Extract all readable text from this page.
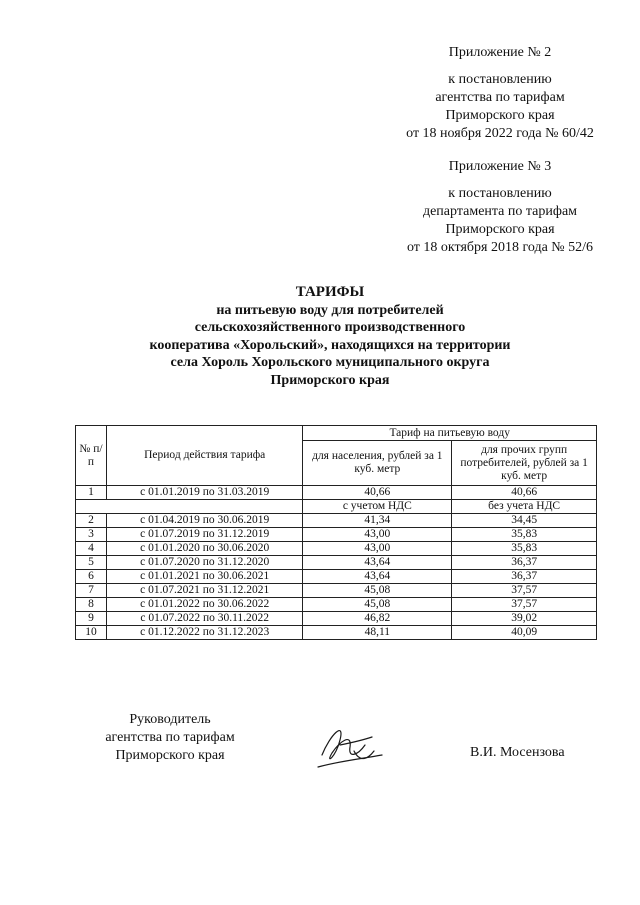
Приложение № 2
к постановлению
агентства по тарифам
Приморского края
от 18 ноября 2022 года № 60/42
Приложение № 3
к постановлению
департамента по тарифам
Приморского края
от 18 октября 2018 года № 52/6
ТАРИФЫ
на питьевую воду для потребителей
сельскохозяйственного производственного
кооператива «Хорольский», находящихся на территории
села Хороль Хорольского муниципального округа
Приморского края
№ п/п	Период действия тарифа	Тариф на питьевую воду	
		для населения, рублей за 1 куб. метр	для прочих групп потребителей, рублей за 1 куб. метр
1	с 01.01.2019 по 31.03.2019	40,66	40,66
		с учетом НДС	без учета НДС
2	с 01.04.2019 по 30.06.2019	41,34	34,45
3	с 01.07.2019 по 31.12.2019	43,00	35,83
4	с 01.01.2020 по 30.06.2020	43,00	35,83
5	с 01.07.2020 по 31.12.2020	43,64	36,37
6	с 01.01.2021 по 30.06.2021	43,64	36,37
7	с 01.07.2021 по 31.12.2021	45,08	37,57
8	с 01.01.2022 по 30.06.2022	45,08	37,57
9	с 01.07.2022 по 30.11.2022	46,82	39,02
10	с 01.12.2022 по 31.12.2023	48,11	40,09
Руководитель
агентства по тарифам
Приморского края	В.И. Мосензова
